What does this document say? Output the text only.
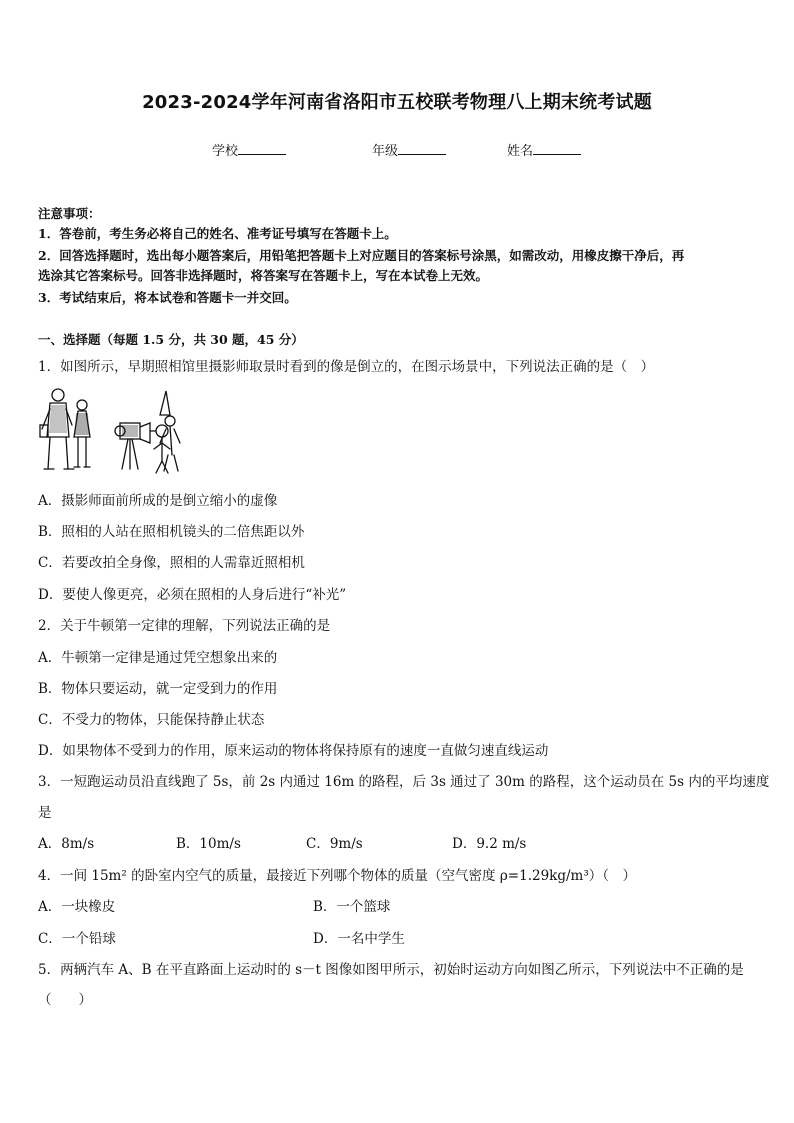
2023-2024学年河南省洛阳市五校联考物理八上期末统考试题
学校	年级	姓名
注意事项：
1．答卷前，考生务必将自己的姓名、准考证号填写在答题卡上。
2．回答选择题时，选出每小题答案后，用铅笔把答题卡上对应题目的答案标号涂黑，如需改动，用橡皮擦干净后，再
选涂其它答案标号。回答非选择题时，将答案写在答题卡上，写在本试卷上无效。
3．考试结束后，将本试卷和答题卡一并交回。
一、选择题（每题 1.5 分，共 30 题，45 分）
1．如图所示，早期照相馆里摄影师取景时看到的像是倒立的，在图示场景中，下列说法正确的是（　）
A．摄影师面前所成的是倒立缩小的虚像
B．照相的人站在照相机镜头的二倍焦距以外
C．若要改拍全身像，照相的人需靠近照相机
D．要使人像更亮，必须在照相的人身后进行“补光”
2．关于牛顿第一定律的理解，下列说法正确的是
A．牛顿第一定律是通过凭空想象出来的
B．物体只要运动，就一定受到力的作用
C．不受力的物体，只能保持静止状态
D．如果物体不受到力的作用，原来运动的物体将保持原有的速度一直做匀速直线运动
3．一短跑运动员沿直线跑了 5s，前 2s 内通过 16m 的路程，后 3s 通过了 30m 的路程，这个运动员在 5s 内的平均速度
是
A．8m/s	B．10m/s	C．9m/s	D．9.2 m/s
4．一间 15m² 的卧室内空气的质量，最接近下列哪个物体的质量（空气密度 ρ=1.29kg/m³）（　）
A．一块橡皮	B．一个篮球
C．一个铅球	D．一名中学生
5．两辆汽车 A、B 在平直路面上运动时的 s－t 图像如图甲所示，初始时运动方向如图乙所示，下列说法中不正确的是
（　　）
